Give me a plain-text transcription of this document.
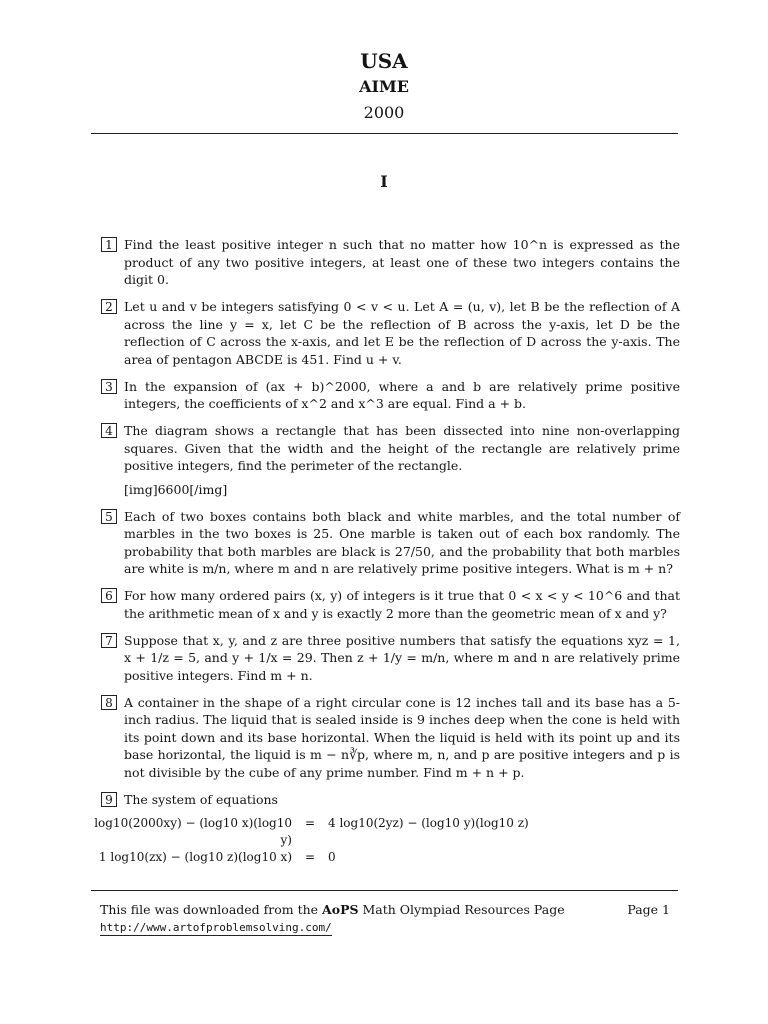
USA
AIME
2000
I
1 Find the least positive integer n such that no matter how 10^n is expressed as the product of any two positive integers, at least one of these two integers contains the digit 0.
2 Let u and v be integers satisfying 0 < v < u. Let A = (u, v), let B be the reflection of A across the line y = x, let C be the reflection of B across the y-axis, let D be the reflection of C across the x-axis, and let E be the reflection of D across the y-axis. The area of pentagon ABCDE is 451. Find u + v.
3 In the expansion of (ax + b)^2000, where a and b are relatively prime positive integers, the coefficients of x^2 and x^3 are equal. Find a + b.
4 The diagram shows a rectangle that has been dissected into nine non-overlapping squares. Given that the width and the height of the rectangle are relatively prime positive integers, find the perimeter of the rectangle.
[img]6600[/img]
5 Each of two boxes contains both black and white marbles, and the total number of marbles in the two boxes is 25. One marble is taken out of each box randomly. The probability that both marbles are black is 27/50, and the probability that both marbles are white is m/n, where m and n are relatively prime positive integers. What is m + n?
6 For how many ordered pairs (x, y) of integers is it true that 0 < x < y < 10^6 and that the arithmetic mean of x and y is exactly 2 more than the geometric mean of x and y?
7 Suppose that x, y, and z are three positive numbers that satisfy the equations xyz = 1, x + 1/z = 5, and y + 1/x = 29. Then z + 1/y = m/n, where m and n are relatively prime positive integers. Find m + n.
8 A container in the shape of a right circular cone is 12 inches tall and its base has a 5-inch radius. The liquid that is sealed inside is 9 inches deep when the cone is held with its point down and its base horizontal. When the liquid is held with its point up and its base horizontal, the liquid is m − n∛p, where m, n, and p are positive integers and p is not divisible by the cube of any prime number. Find m + n + p.
9 The system of equations
log10(2000xy) − (log10 x)(log10 y)
=	4 log10(2yz) − (log10 y)(log10 z)
1 log10(zx) − (log10 z)(log10 x)	=	0
This file was downloaded from the AoPS Math Olympiad Resources Page
http://www.artofproblemsolving.com/
Page 1
